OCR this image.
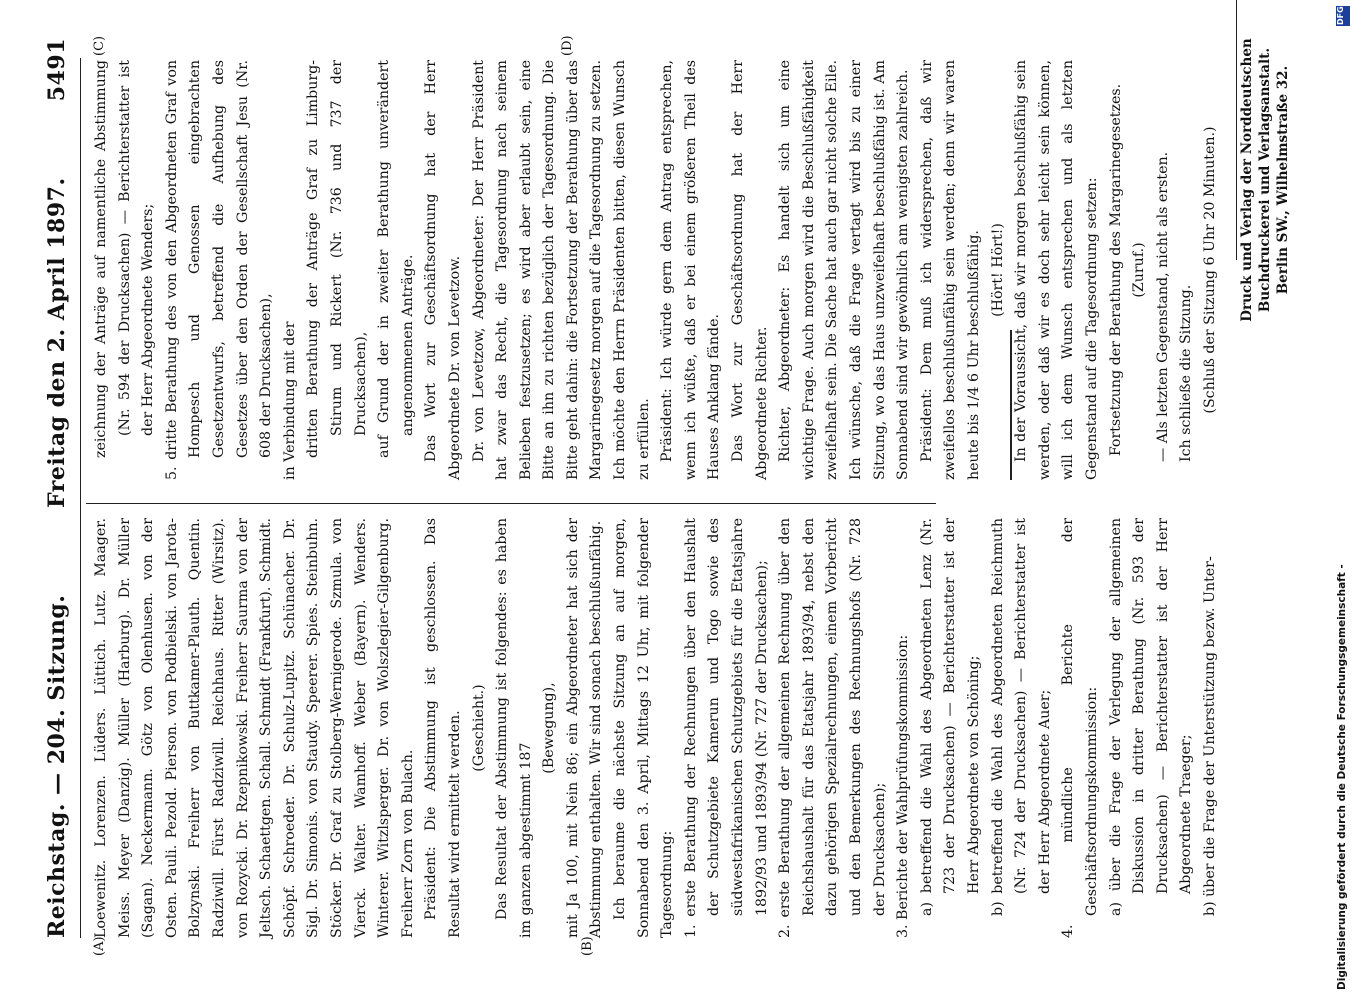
Reichstag. — 204. Sitzung.
Freitag den 2. April 1897.
5491
(A)	(B)
(C)	(D)

Loewenitz. Lorenzen. Lüders. Lüttich. Lutz. Maager. Meiss. Meyer (Danzig). Müller (Harburg). Dr. Müller (Sagan). Neckermann. Götz von Olenhusen. von der Osten. Pauli. Pezold. Pierson. von Podbielski. von Jarota-Bolzynski. Freiherr von Buttkamer-Plauth. Quentin. Radziwill. Fürst Radziwill. Reichhaus. Ritter (Wirsitz). von Rozycki. Dr. Rzepnikowski. Freiherr Saurma von der Jeltsch. Schaettgen. Schall. Schmidt (Frankfurt). Schmidt. Schöpf. Schroeder. Dr. Schulz-Lupitz. Schünacher. Dr. Sigl. Dr. Simonis. von Staudy. Speerer. Spies. Steinbuhn. Stöcker. Dr. Graf zu Stolberg-Wernigerode. Szmula. von Vierck. Walter. Wamhoff. Weber (Bayern). Wenders. Winterer. Witzlsperger. Dr. von Wolszlegier-Gilgenburg. Freiherr Zorn von Bulach. Präsident: Die Abstimmung ist geschlossen. Das Resultat wird ermittelt werden. (Geschieht.) Das Resultat der Abstimmung ist folgendes: es haben im ganzen abgestimmt 187

(Bewegung), mit Ja 100, mit Nein 86; ein Abgeordneter hat sich der Abstimmung enthalten. Wir sind sonach beschlußunfähig. Ich beraume die nächste Sitzung an auf morgen, Sonnabend den 3. April, Mittags 12 Uhr, mit folgender Tagesordnung: 1. erste Berathung der Rechnungen über den Haushalt der Schutzgebiete Kamerun und Togo sowie des südwestafrikanischen Schutzgebiets für die Etatsjahre 1892/93 und 1893/94 (Nr. 727 der Drucksachen); 2. erste Berathung der allgemeinen Rechnung über den Reichshaushalt für das Etatsjahr 1893/94, nebst den dazu gehörigen Spezialrechnungen, einem Vorbericht und den Bemerkungen des Rechnungshofs (Nr. 728 der Drucksachen); 3. Berichte der Wahlprüfungskommission: a) betreffend die Wahl des Abgeordneten Lenz (Nr. 723 der Drucksachen) — Berichterstatter ist der Herr Abgeordnete von Schöning; b) betreffend die Wahl des Abgeordneten Reichmuth (Nr. 724 der Drucksachen) — Berichterstatter ist der Herr Abgeordnete Auer; 4. mündliche Berichte der Geschäftsordnungskommission: a) über die Frage der Verlegung der allgemeinen Diskussion in dritter Berathung (Nr. 593 der Drucksachen) — Berichterstatter ist der Herr Abgeordnete Traeger; b) über die Frage der Unterstützung bezw. Unter-

zeichnung der Anträge auf namentliche Abstimmung (Nr. 594 der Drucksachen) — Berichterstatter ist der Herr Abgeordnete Wenders; 5. dritte Berathung des von den Abgeordneten Graf von Hompesch und Genossen eingebrachten Gesetzentwurfs, betreffend die Aufhebung des Gesetzes über den Orden der Gesellschaft Jesu (Nr. 608 der Drucksachen), in Verbindung mit der dritten Berathung der Anträge Graf zu Limburg-Stirum und Rickert (Nr. 736 und 737 der Drucksachen), auf Grund der in zweiter Berathung unverändert angenommenen Anträge. Das Wort zur Geschäftsordnung hat der Herr Abgeordnete Dr. von Levetzow. Dr. von Levetzow, Abgeordneter: Der Herr Präsident hat zwar das Recht, die Tagesordnung nach seinem Belieben festzusetzen; es wird aber erlaubt sein, eine Bitte an ihn zu richten bezüglich der Tagesordnung. Die Bitte geht dahin: die Fortsetzung der Berathung über das Margarinegesetz morgen auf die Tagesordnung zu setzen. Ich möchte den Herrn Präsidenten bitten, diesen Wunsch zu erfüllen. Präsident: Ich würde gern dem Antrag entsprechen, wenn ich wüßte, daß er bei einem größeren Theil des Hauses Anklang fände. Das Wort zur Geschäftsordnung hat der Herr Abgeordnete Richter. Richter, Abgeordneter: Es handelt sich um eine wichtige Frage. Auch morgen wird die Beschlußfähigkeit zweifelhaft sein. Die Sache hat auch gar nicht solche Eile. Ich wünsche, daß die Frage vertagt wird bis zu einer Sitzung, wo das Haus unzweifelhaft beschlußfähig ist. Am Sonnabend sind wir gewöhnlich am wenigsten zahlreich. Präsident: Dem muß ich widersprechen, daß wir zweifellos beschlußunfähig sein werden; denn wir waren heute bis 1/4 6 Uhr beschlußfähig. (Hört! Hört!) In der Voraussicht, daß wir morgen beschlußfähig sein werden, oder daß wir es doch sehr leicht sein können, will ich dem Wunsch entsprechen und als letzten Gegenstand auf die Tagesordnung setzen: Fortsetzung der Berathung des Margarinegesetzes. (Zuruf.) — Als letzten Gegenstand, nicht als ersten. Ich schließe die Sitzung. (Schluß der Sitzung 6 Uhr 20 Minuten.)	Druck und Verlag der Norddeutschen Buchdruckerei und Verlagsanstalt. Berlin SW., Wilhelmstraße 32.
DFG
Digitalisierung gefördert durch die Deutsche Forschungsgemeinschaft -
